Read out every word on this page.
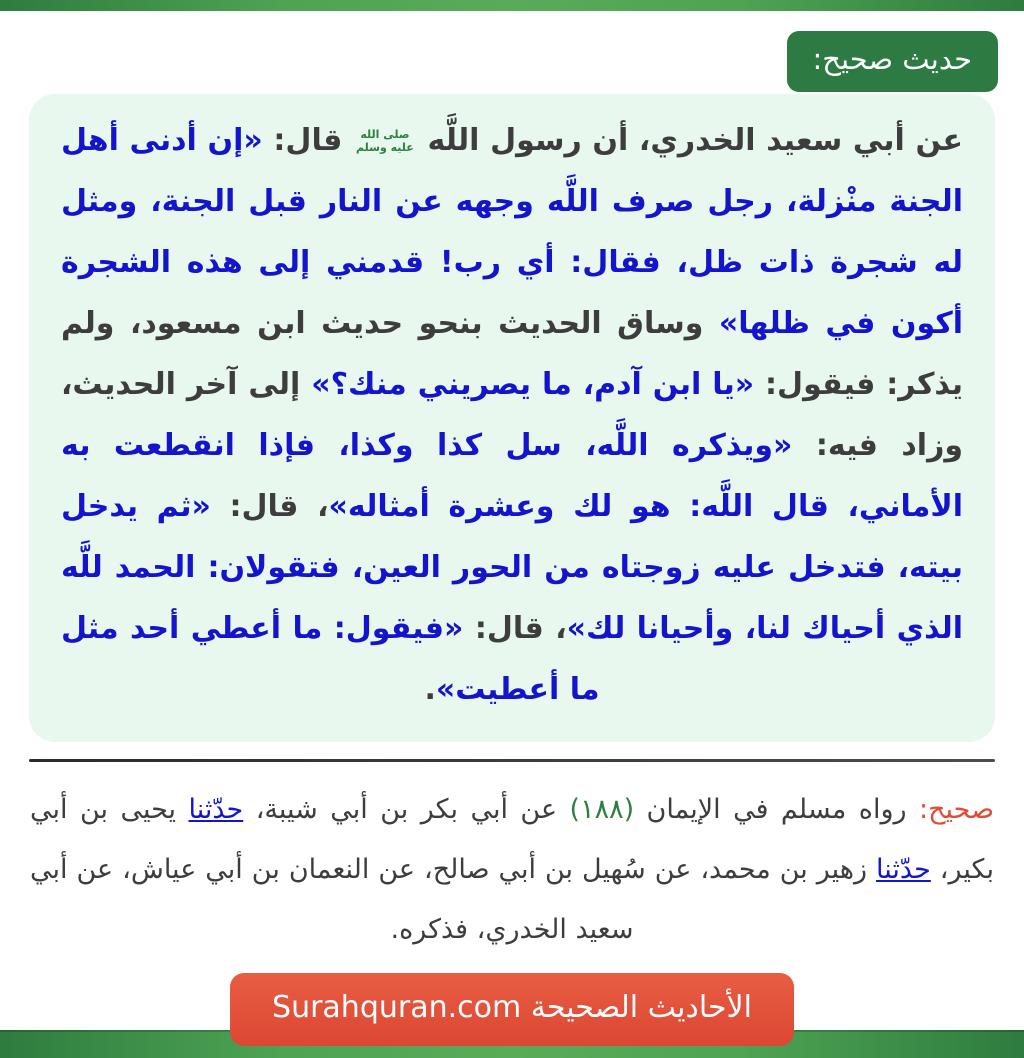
حديث صحيح:

عن أبي سعيد الخدري، أن رسول اللَّه
صلى الله
عليه وسلم
قال: «إن أدنى أهل الجنة منْزلة، رجل صرف اللَّه وجهه عن النار قبل الجنة، ومثل له شجرة ذات ظل، فقال: أي رب! قدمني إلى هذه الشجرة أكون في ظلها» وساق الحديث بنحو حديث ابن مسعود، ولم يذكر: فيقول: «يا ابن آدم، ما يصريني منك؟» إلى آخر الحديث، وزاد فيه: «ويذكره اللَّه، سل كذا وكذا، فإذا انقطعت به الأماني، قال اللَّه: هو لك وعشرة أمثاله»، قال: «ثم يدخل بيته، فتدخل عليه زوجتاه من الحور العين، فتقولان: الحمد للَّه الذي أحياك لنا، وأحيانا لك»، قال: «فيقول: ما أعطي أحد مثل ما أعطيت».

صحيح: رواه مسلم في الإيمان (١٨٨) عن أبي بكر بن أبي شيبة، حدّثنا يحيى بن أبي بكير، حدّثنا زهير بن محمد، عن سُهيل بن أبي صالح، عن النعمان بن أبي عياش، عن أبي سعيد الخدري، فذكره.

الأحاديث الصحيحة Surahquran.com
